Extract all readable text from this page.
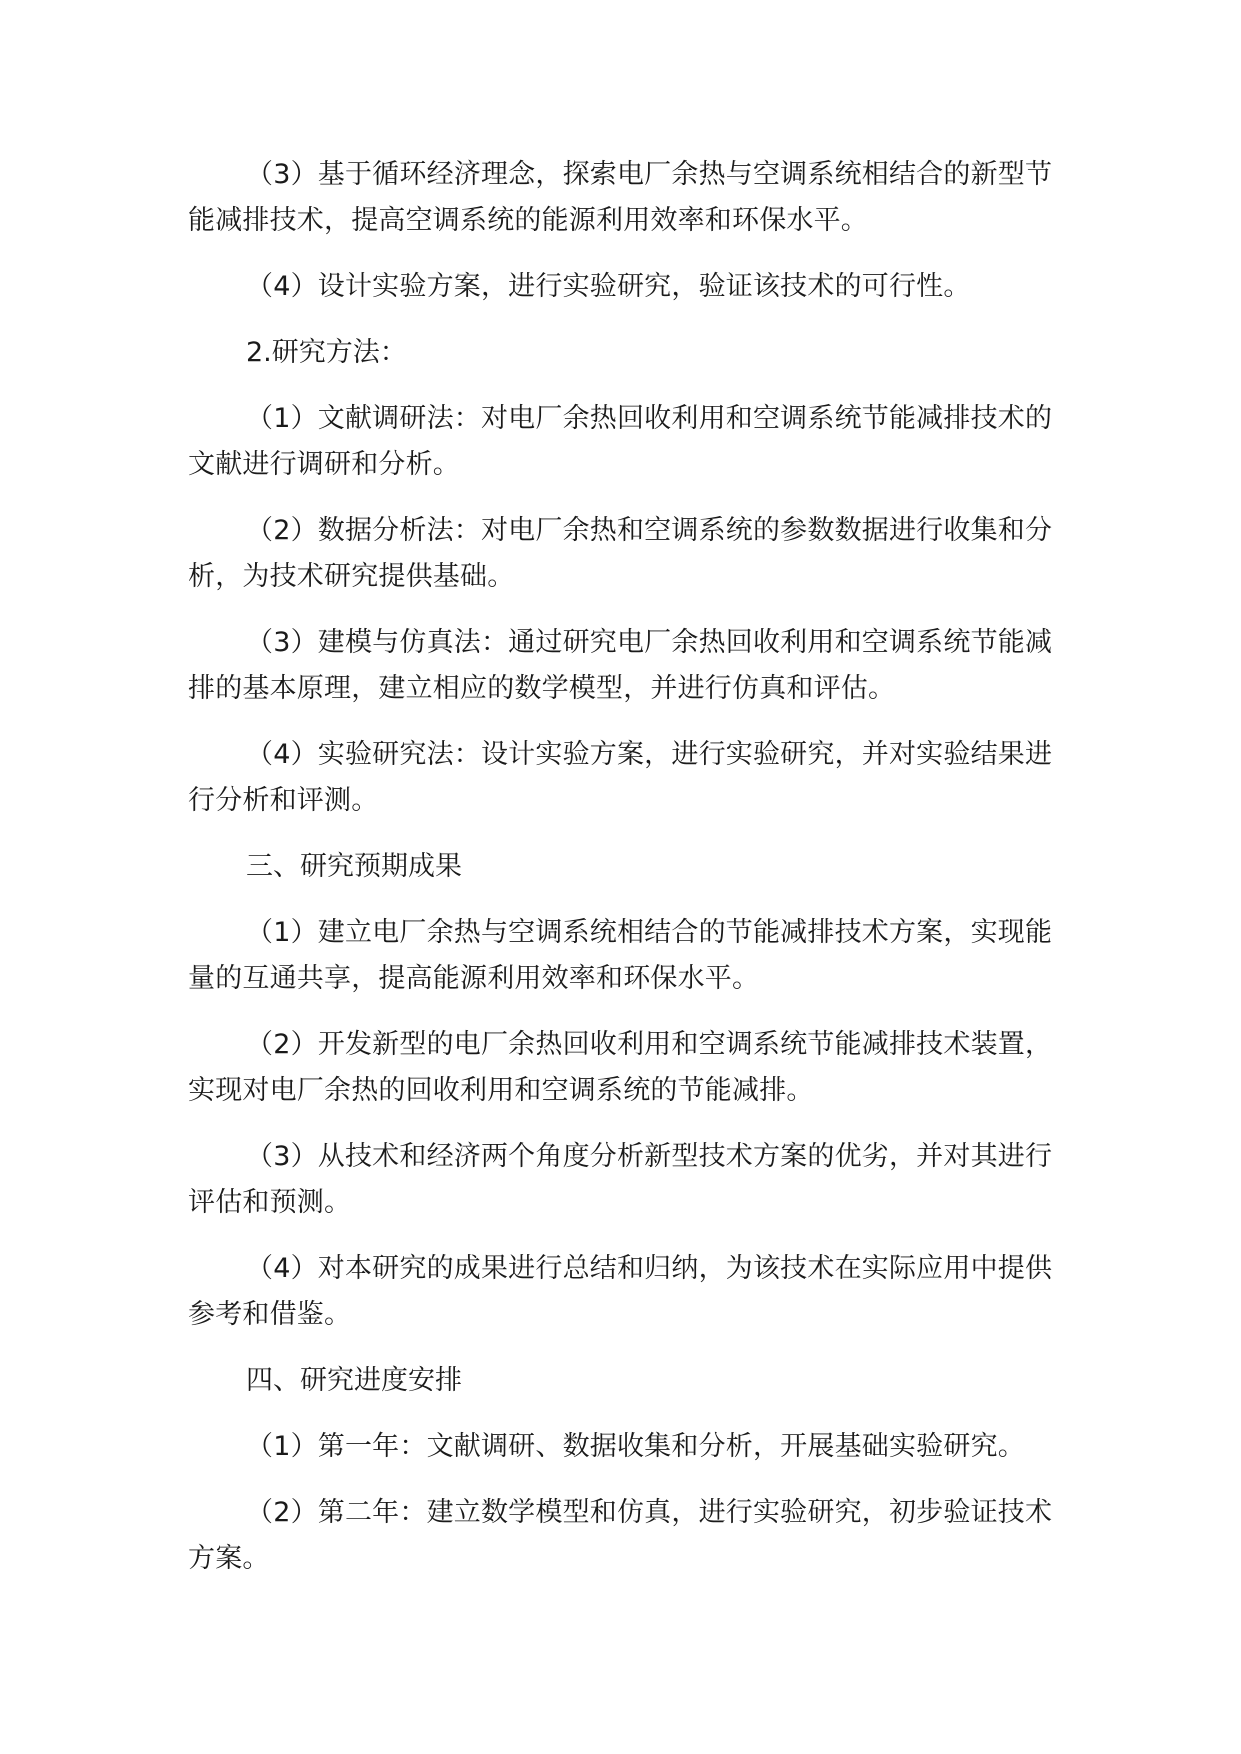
（3）基于循环经济理念，探索电厂余热与空调系统相结合的新型节能减排技术，提高空调系统的能源利用效率和环保水平。

（4）设计实验方案，进行实验研究，验证该技术的可行性。

2.研究方法：

（1）文献调研法：对电厂余热回收利用和空调系统节能减排技术的文献进行调研和分析。

（2）数据分析法：对电厂余热和空调系统的参数数据进行收集和分析，为技术研究提供基础。

（3）建模与仿真法：通过研究电厂余热回收利用和空调系统节能减排的基本原理，建立相应的数学模型，并进行仿真和评估。

（4）实验研究法：设计实验方案，进行实验研究，并对实验结果进行分析和评测。

三、研究预期成果

（1）建立电厂余热与空调系统相结合的节能减排技术方案，实现能量的互通共享，提高能源利用效率和环保水平。

（2）开发新型的电厂余热回收利用和空调系统节能减排技术装置，实现对电厂余热的回收利用和空调系统的节能减排。

（3）从技术和经济两个角度分析新型技术方案的优劣，并对其进行评估和预测。

（4）对本研究的成果进行总结和归纳，为该技术在实际应用中提供参考和借鉴。

四、研究进度安排

（1）第一年：文献调研、数据收集和分析，开展基础实验研究。

（2）第二年：建立数学模型和仿真，进行实验研究，初步验证技术方案。
